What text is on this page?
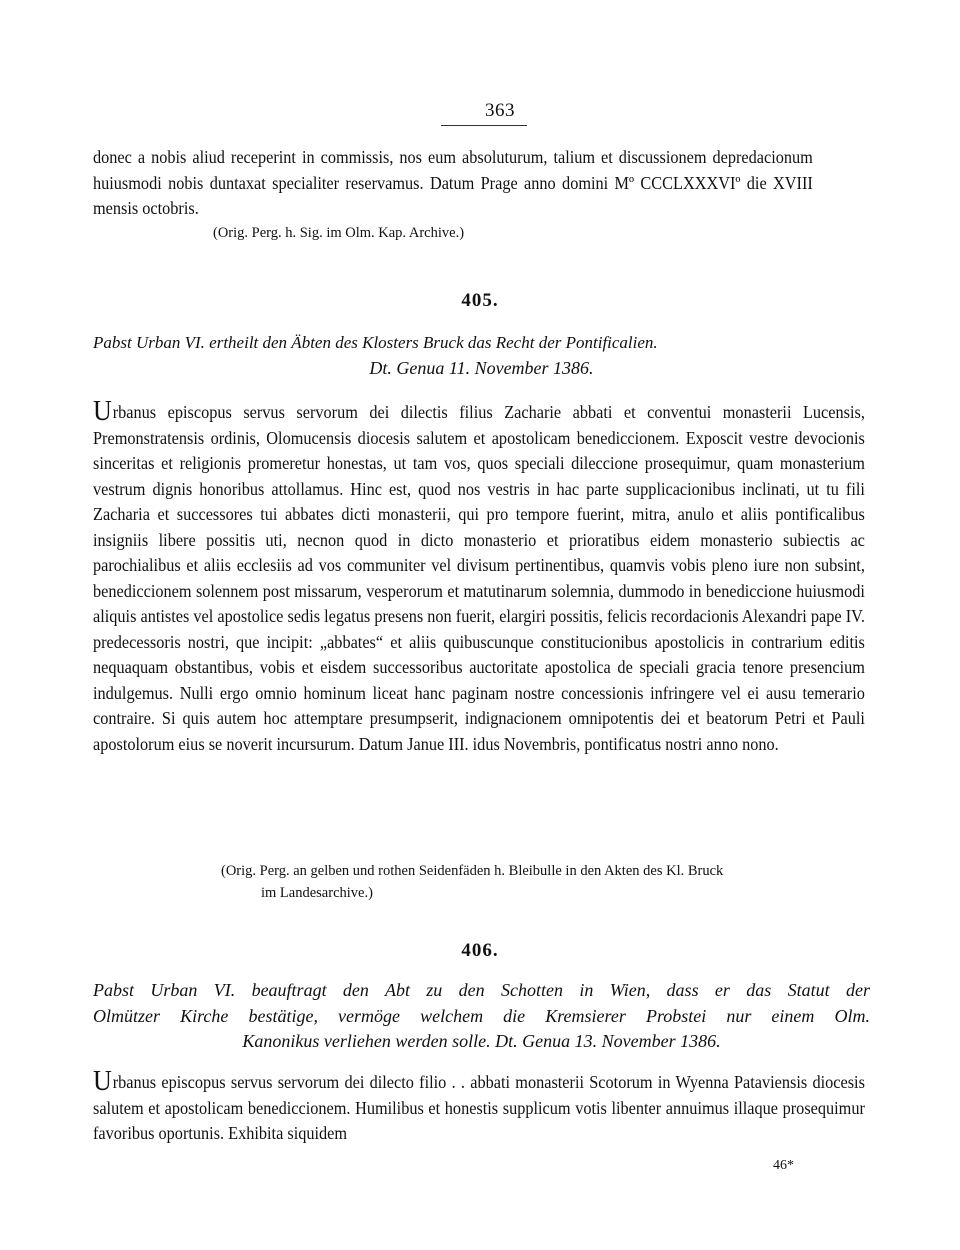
363

donec a nobis aliud receperint in commissis, nos eum absoluturum, talium et discussionem depredacionum huiusmodi nobis duntaxat specialiter reservamus. Datum Prage anno domini Mº CCCLXXXVIº die XVIII mensis octobris.

(Orig. Perg. h. Sig. im Olm. Kap. Archive.)
405.
Pabst Urban VI. ertheilt den Äbten des Klosters Bruck das Recht der Pontificalien.
Dt. Genua 11. November 1386.

Urbanus episcopus servus servorum dei dilectis filius Zacharie abbati et conventui monasterii Lucensis, Premonstratensis ordinis, Olomucensis diocesis salutem et apostolicam benediccionem. Exposcit vestre devocionis sinceritas et religionis promeretur honestas, ut tam vos, quos speciali dileccione prosequimur, quam monasterium vestrum dignis honoribus attollamus. Hinc est, quod nos vestris in hac parte supplicacionibus inclinati, ut tu fili Zacharia et successores tui abbates dicti monasterii, qui pro tempore fuerint, mitra, anulo et aliis pontificalibus insigniis libere possitis uti, necnon quod in dicto monasterio et prioratibus eidem monasterio subiectis ac parochialibus et aliis ecclesiis ad vos communiter vel divisum pertinentibus, quamvis vobis pleno iure non subsint, benediccionem solennem post missarum, vesperorum et matutinarum solemnia, dummodo in benediccione huiusmodi aliquis antistes vel apostolice sedis legatus presens non fuerit, elargiri possitis, felicis recordacionis Alexandri pape IV. predecessoris nostri, que incipit: „abbates“ et aliis quibuscunque constitucionibus apostolicis in contrarium editis nequaquam obstantibus, vobis et eisdem successoribus auctoritate apostolica de speciali gracia tenore presencium indulgemus. Nulli ergo omnio hominum liceat hanc paginam nostre concessionis infringere vel ei ausu temerario contraire. Si quis autem hoc attemptare presumpserit, indignacionem omnipotentis dei et beatorum Petri et Pauli apostolorum eius se noverit incursurum. Datum Janue III. idus Novembris, pontificatus nostri anno nono.

(Orig. Perg. an gelben und rothen Seidenfäden h. Bleibulle in den Akten des Kl. Bruck
im Landesarchive.)
406.
Pabst Urban VI. beauftragt den Abt zu den Schotten in Wien, dass er das Statut der
Olmützer Kirche bestätige, vermöge welchem die Kremsierer Probstei nur einem Olm.
Kanonikus verliehen werden solle. Dt. Genua 13. November 1386.

Urbanus episcopus servus servorum dei dilecto filio . . abbati monasterii Scotorum in Wyenna Pataviensis diocesis salutem et apostolicam benediccionem. Humilibus et honestis supplicum votis libenter annuimus illaque prosequimur favoribus oportunis. Exhibita siquidem

46*
